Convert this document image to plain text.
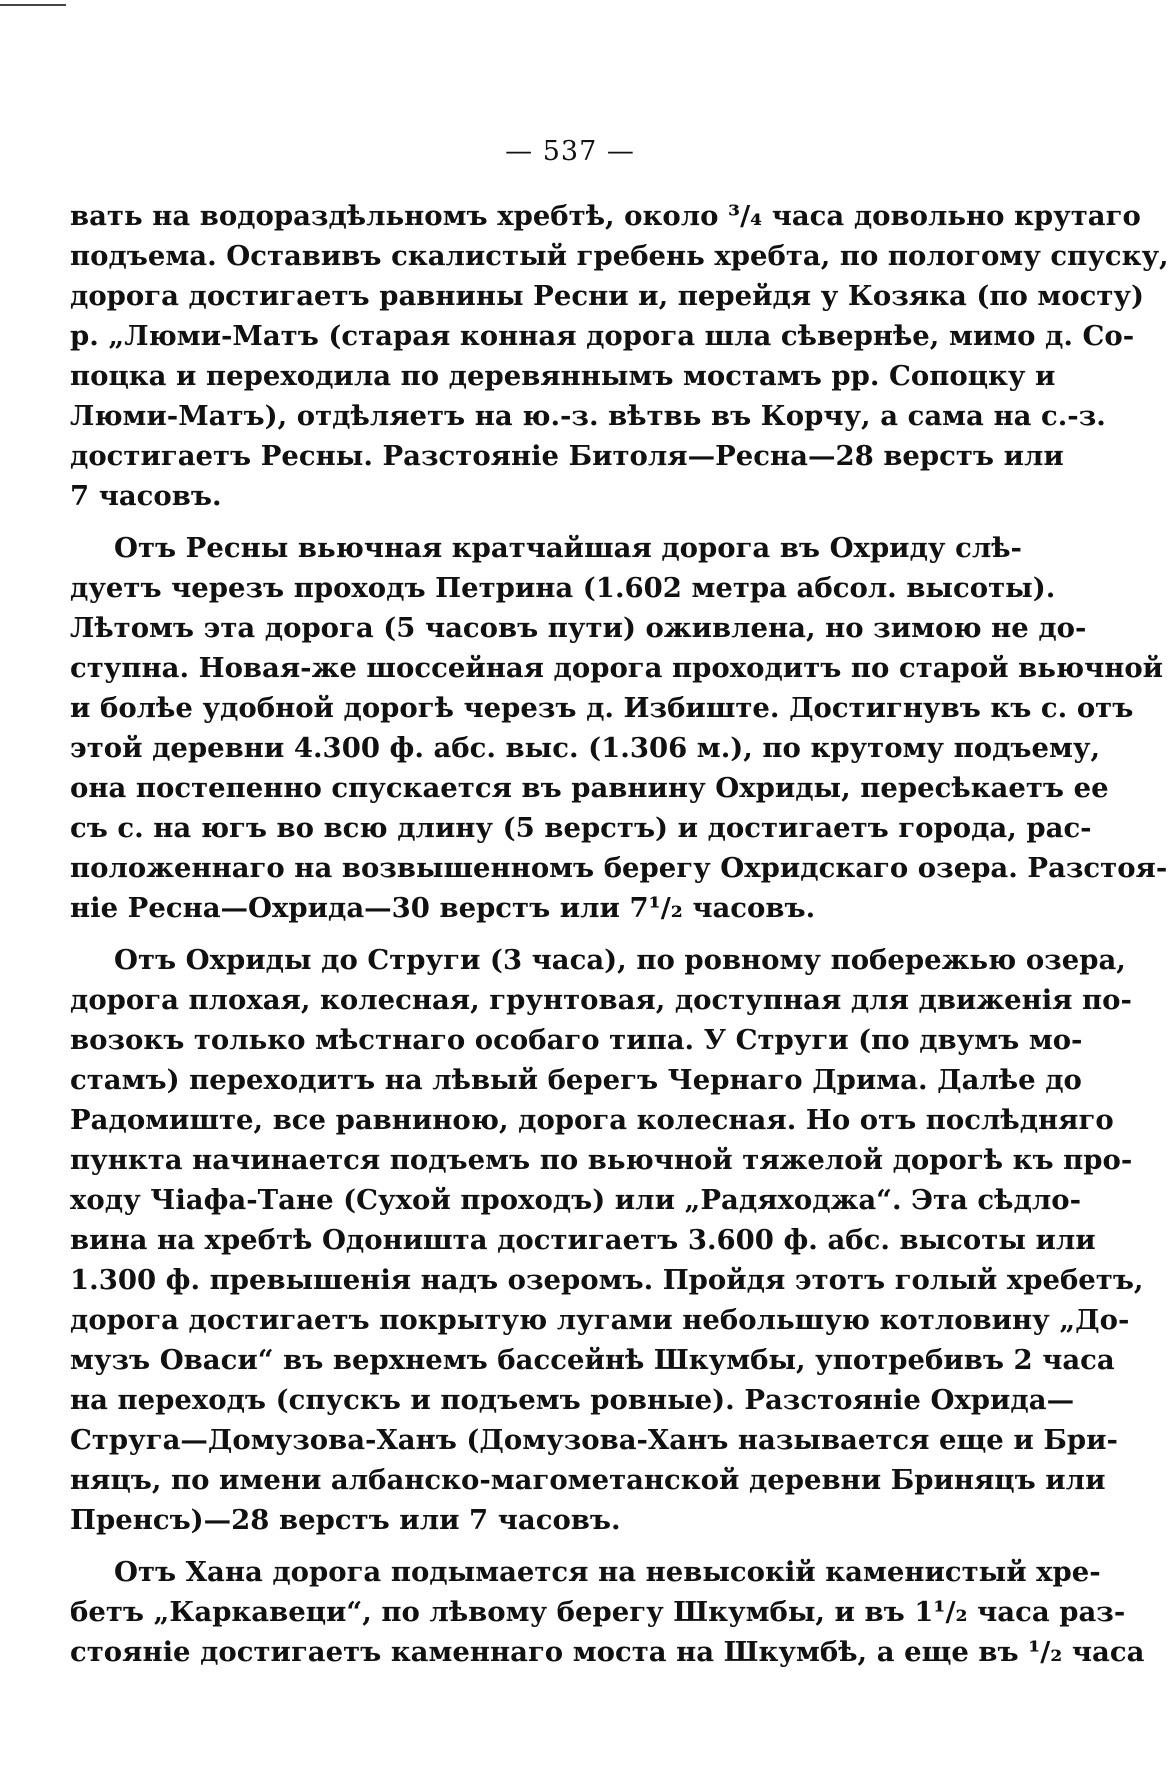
— 537 —
вать на водораздѣльномъ хребтѣ, около ³/₄ часа довольно крутаго
подъема. Оставивъ скалистый гребень хребта, по пологому спуску,
дорога достигаетъ равнины Ресни и, перейдя у Козяка (по мосту)
р. „Люми-Матъ (старая конная дорога шла сѣвернѣе, мимо д. Со-
поцка и переходила по деревяннымъ мостамъ рр. Сопоцку и
Люми-Матъ), отдѣляетъ на ю.-з. вѣтвь въ Корчу, а сама на с.-з.
достигаетъ Ресны. Разстояніе Битоля—Ресна—28 верстъ или
7 часовъ.
Отъ Ресны вьючная кратчайшая дорога въ Охриду слѣ-
дуетъ черезъ проходъ Петрина (1.602 метра абсол. высоты).
Лѣтомъ эта дорога (5 часовъ пути) оживлена, но зимою не до-
ступна. Новая-же шоссейная дорога проходитъ по старой вьючной
и болѣе удобной дорогѣ черезъ д. Избиште. Достигнувъ къ с. отъ
этой деревни 4.300 ф. абс. выс. (1.306 м.), по крутому подъему,
она постепенно спускается въ равнину Охриды, пересѣкаетъ ее
съ с. на югъ во всю длину (5 верстъ) и достигаетъ города, рас-
положеннаго на возвышенномъ берегу Охридскаго озера. Разстоя-
ніе Ресна—Охрида—30 верстъ или 7¹/₂ часовъ.
Отъ Охриды до Струги (3 часа), по ровному побережью озера,
дорога плохая, колесная, грунтовая, доступная для движенія по-
возокъ только мѣстнаго особаго типа. У Струги (по двумъ мо-
стамъ) переходитъ на лѣвый берегъ Чернаго Дрима. Далѣе до
Радомиште, все равниною, дорога колесная. Но отъ послѣдняго
пункта начинается подъемъ по вьючной тяжелой дорогѣ къ про-
ходу Чіафа-Тане (Сухой проходъ) или „Радяходжа“. Эта сѣдло-
вина на хребтѣ Одоништа достигаетъ 3.600 ф. абс. высоты или
1.300 ф. превышенія надъ озеромъ. Пройдя этотъ голый хребетъ,
дорога достигаетъ покрытую лугами небольшую котловину „До-
музъ Оваси“ въ верхнемъ бассейнѣ Шкумбы, употребивъ 2 часа
на переходъ (спускъ и подъемъ ровные). Разстояніе Охрида—
Струга—Домузова-Ханъ (Домузова-Ханъ называется еще и Бри-
няцъ, по имени албанско-магометанской деревни Бриняцъ или
Пренсъ)—28 верстъ или 7 часовъ.
Отъ Хана дорога подымается на невысокій каменистый хре-
бетъ „Каркавеци“, по лѣвому берегу Шкумбы, и въ 1¹/₂ часа раз-
стояніе достигаетъ каменнаго моста на Шкумбѣ, а еще въ ¹/₂ часа
